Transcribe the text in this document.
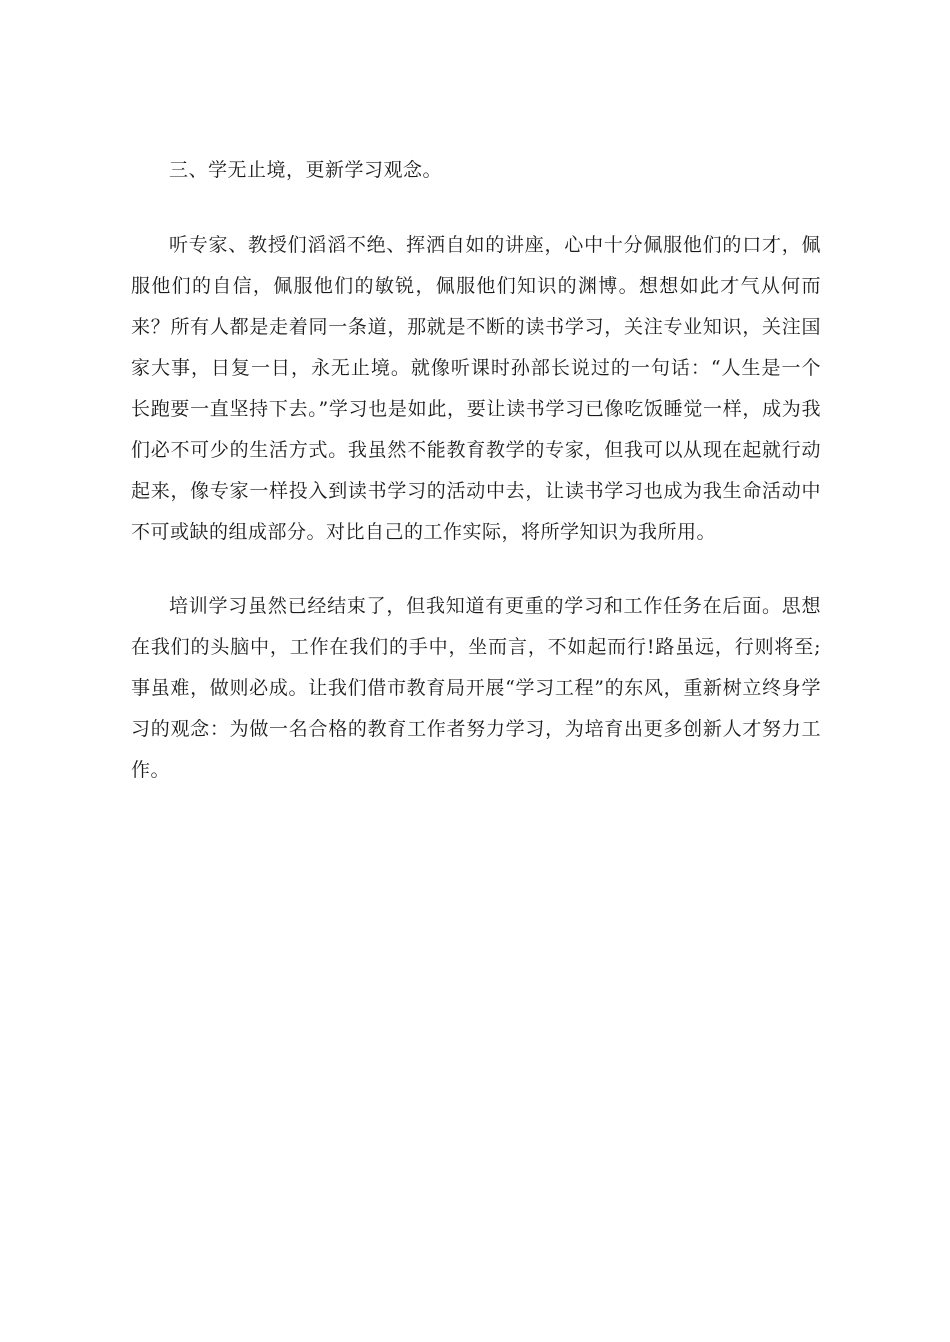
三、学无止境，更新学习观念。

听专家、教授们滔滔不绝、挥洒自如的讲座，心中十分佩服他们的口才，佩服他们的自信，佩服他们的敏锐，佩服他们知识的渊博。想想如此才气从何而来？所有人都是走着同一条道，那就是不断的读书学习，关注专业知识，关注国家大事，日复一日，永无止境。就像听课时孙部长说过的一句话：“人生是一个长跑要一直坚持下去。”学习也是如此，要让读书学习已像吃饭睡觉一样，成为我们必不可少的生活方式。我虽然不能教育教学的专家，但我可以从现在起就行动起来，像专家一样投入到读书学习的活动中去，让读书学习也成为我生命活动中不可或缺的组成部分。对比自己的工作实际，将所学知识为我所用。

培训学习虽然已经结束了，但我知道有更重的学习和工作任务在后面。思想在我们的头脑中，工作在我们的手中，坐而言，不如起而行!路虽远，行则将至;事虽难，做则必成。让我们借市教育局开展“学习工程”的东风，重新树立终身学习的观念：为做一名合格的教育工作者努力学习，为培育出更多创新人才努力工作。
